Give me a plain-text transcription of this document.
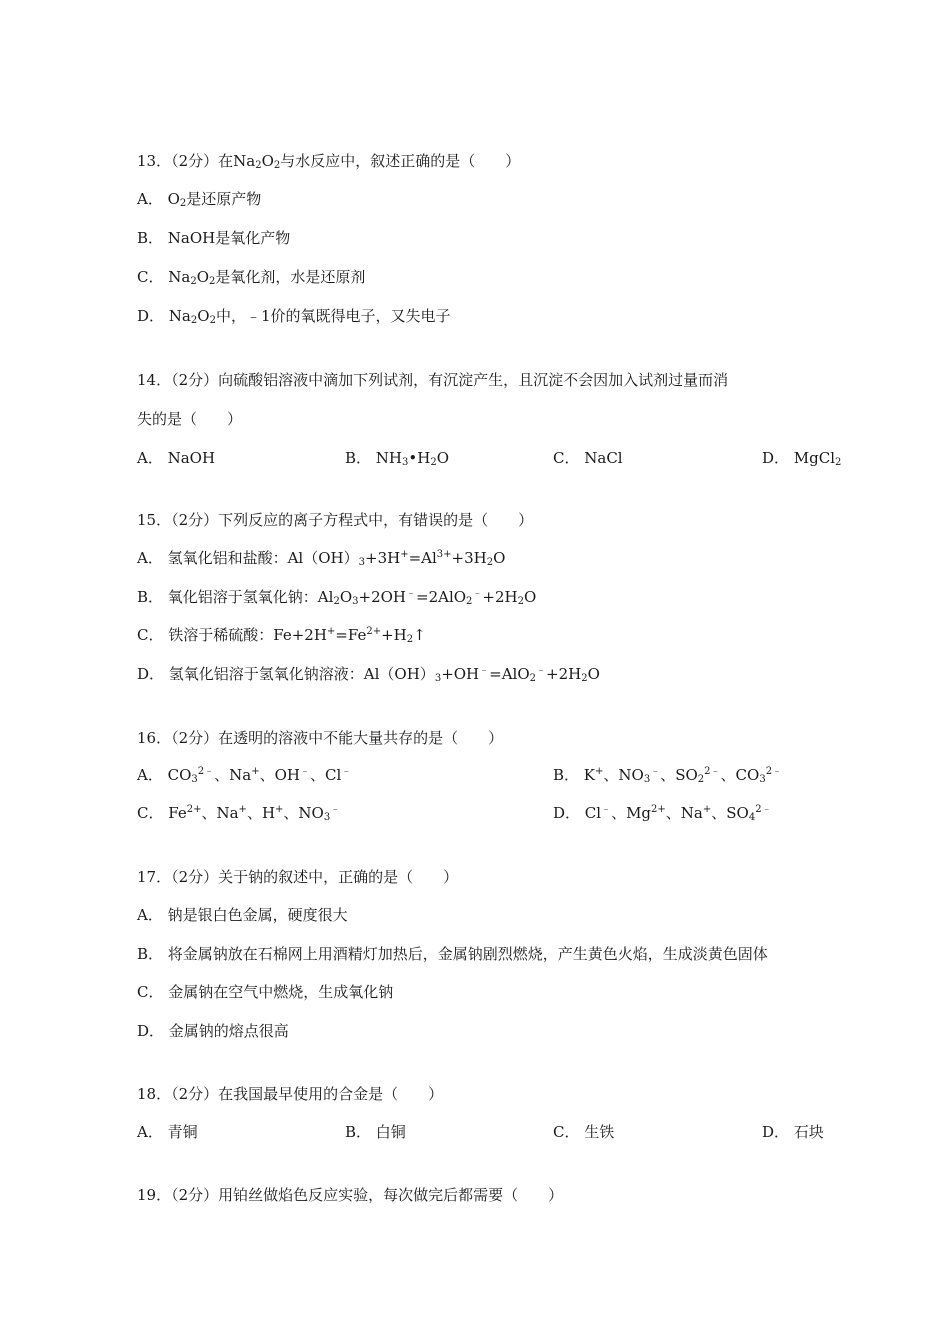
13．（2分）在$Na_2O_2$与水反应中，叙述正确的是（　　）
A． $O_2$是还原产物
B． NaOH是氧化产物
C． $Na_2O_2$是氧化剂，水是还原剂
D． $Na_2O_2$中，﹣1价的氧既得电子，又失电子
14．（2分）向硫酸铝溶液中滴加下列试剂，有沉淀产生，且沉淀不会因加入试剂过量而消
失的是（　　）
A． NaOH	B． $NH_3•H_2O$	C． NaCl	D． MgCl$_2$
15．（2分）下列反应的离子方程式中，有错误的是（　　）
A． 氢氧化铝和盐酸：$Al(OH)_3+3H^+=Al^{3+}+3H_2O$
B． 氧化铝溶于氢氧化钠：$Al_2O_3+2OH^﹣=2AlO_2^﹣+2H_2O$
C． 铁溶于稀硫酸：$Fe+2H^+=Fe^{2+}+H_2↑$
D． 氢氧化铝溶于氢氧化钠溶液：$Al(OH)_3+OH^﹣=AlO_2^﹣+2H_2O$
16．（2分）在透明的溶液中不能大量共存的是（　　）
A． $CO_3^{2﹣}$、Na+、OH﹣、Cl﹣	B． K+、$NO_3^﹣$、$SO_2^{2﹣}$、$CO_3^{2﹣}$
C． $Fe^{2+}$、Na+、H+、$NO_3^﹣$	D． Cl﹣、$Mg^{2+}$、Na+、$SO_4^{2﹣}$
17．（2分）关于钠的叙述中，正确的是（　　）
A． 钠是银白色金属，硬度很大
B． 将金属钠放在石棉网上用酒精灯加热后，金属钠剧烈燃烧，产生黄色火焰，生成淡黄色固体
C． 金属钠在空气中燃烧，生成氧化钠
D． 金属钠的熔点很高
18．（2分）在我国最早使用的合金是（　　）
A． 青铜	B． 白铜	C． 生铁	D． 石块
19．（2分）用铂丝做焰色反应实验，每次做完后都需要（　　）
